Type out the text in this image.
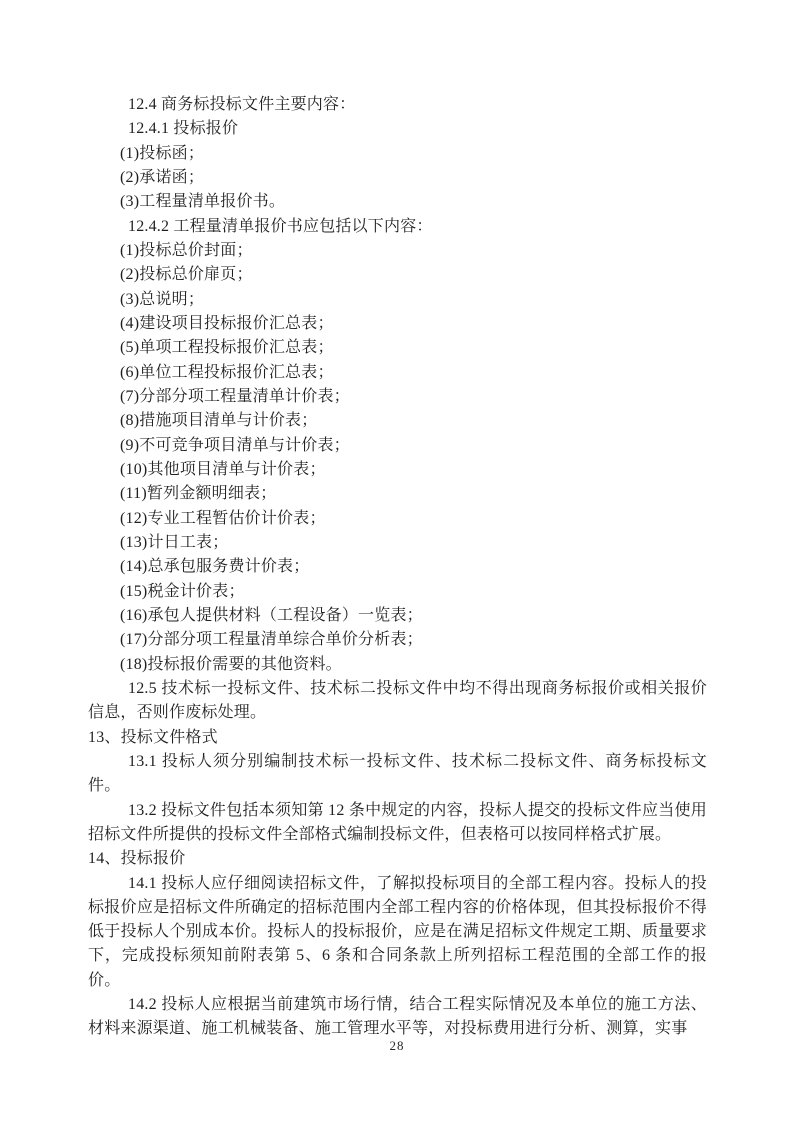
12.4 商务标投标文件主要内容：

12.4.1 投标报价

(1)投标函；

(2)承诺函；

(3)工程量清单报价书。

12.4.2 工程量清单报价书应包括以下内容：

(1)投标总价封面；

(2)投标总价扉页；

(3)总说明；

(4)建设项目投标报价汇总表；

(5)单项工程投标报价汇总表；

(6)单位工程投标报价汇总表；

(7)分部分项工程量清单计价表；

(8)措施项目清单与计价表；

(9)不可竞争项目清单与计价表；

(10)其他项目清单与计价表；

(11)暂列金额明细表；

(12)专业工程暂估价计价表；

(13)计日工表；

(14)总承包服务费计价表；

(15)税金计价表；

(16)承包人提供材料（工程设备）一览表；

(17)分部分项工程量清单综合单价分析表；

(18)投标报价需要的其他资料。

12.5 技术标一投标文件、技术标二投标文件中均不得出现商务标报价或相关报价信息，否则作废标处理。

13、投标文件格式

13.1 投标人须分别编制技术标一投标文件、技术标二投标文件、商务标投标文件。

13.2 投标文件包括本须知第 12 条中规定的内容，投标人提交的投标文件应当使用招标文件所提供的投标文件全部格式编制投标文件，但表格可以按同样格式扩展。

14、投标报价

14.1 投标人应仔细阅读招标文件，了解拟投标项目的全部工程内容。投标人的投标报价应是招标文件所确定的招标范围内全部工程内容的价格体现，但其投标报价不得低于投标人个别成本价。投标人的投标报价，应是在满足招标文件规定工期、质量要求下，完成投标须知前附表第 5、6 条和合同条款上所列招标工程范围的全部工作的报价。

14.2 投标人应根据当前建筑市场行情，结合工程实际情况及本单位的施工方法、材料来源渠道、施工机械装备、施工管理水平等，对投标费用进行分析、测算，实事

28
